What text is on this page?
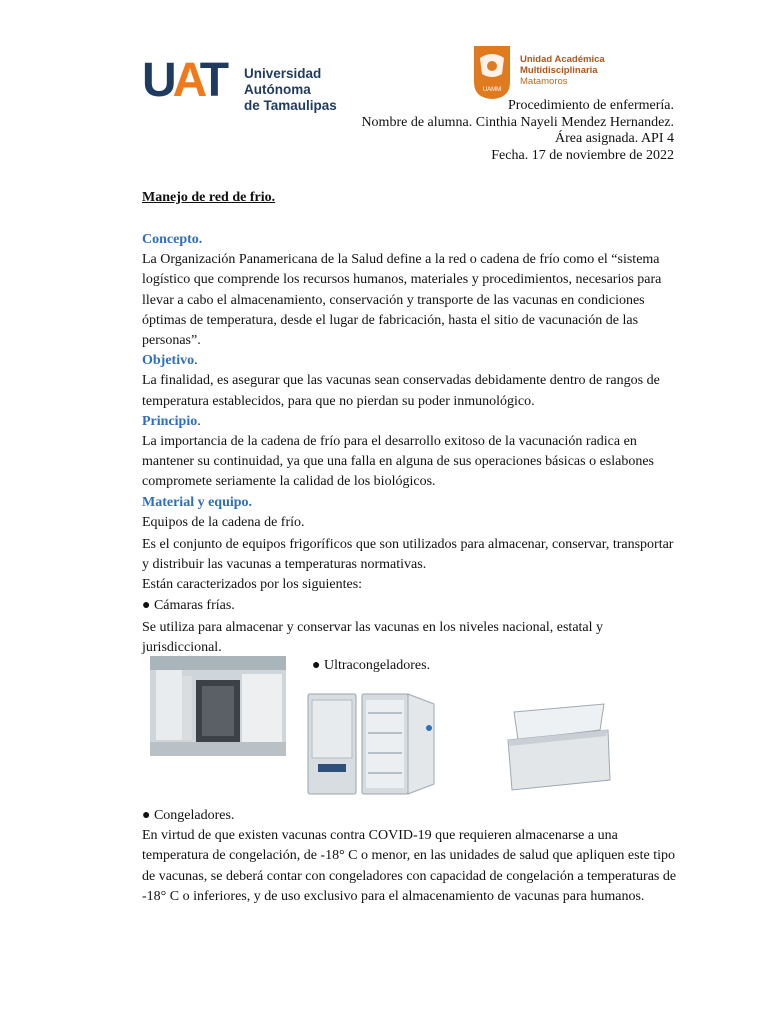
UAT Universidad Autónoma
de Tamaulipas
UAMM
Unidad Académica Multidisciplinaria
Matamoros
Procedimiento de enfermería.
Nombre de alumna. Cinthia Nayeli Mendez Hernandez.
Área asignada. API 4
Fecha. 17 de noviembre de 2022
Manejo de red de frio.

Concepto.

La Organización Panamericana de la Salud define a la red o cadena de frío como el “sistema logístico que comprende los recursos humanos, materiales y procedimientos, necesarios para llevar a cabo el almacenamiento, conservación y transporte de las vacunas en condiciones óptimas de temperatura, desde el lugar de fabricación, hasta el sitio de vacunación de las personas”.

Objetivo.

La finalidad, es asegurar que las vacunas sean conservadas debidamente dentro de rangos de temperatura establecidos, para que no pierdan su poder inmunológico.

Principio.

La importancia de la cadena de frío para el desarrollo exitoso de la vacunación radica en mantener su continuidad, ya que una falla en alguna de sus operaciones básicas o eslabones compromete seriamente la calidad de los biológicos.

Material y equipo.

Equipos de la cadena de frío.

Es el conjunto de equipos frigoríficos que son utilizados para almacenar, conservar, transportar y distribuir las vacunas a temperaturas normativas.

Están caracterizados por los siguientes:

● Cámaras frías.

Se utiliza para almacenar y conservar las vacunas en los niveles nacional, estatal y jurisdiccional.

● Ultracongeladores.

● Congeladores.

En virtud de que existen vacunas contra COVID-19 que requieren almacenarse a una temperatura de congelación, de -18° C o menor, en las unidades de salud que apliquen este tipo de vacunas, se deberá contar con congeladores con capacidad de congelación a temperaturas de -18° C o inferiores, y de uso exclusivo para el almacenamiento de vacunas para humanos.
